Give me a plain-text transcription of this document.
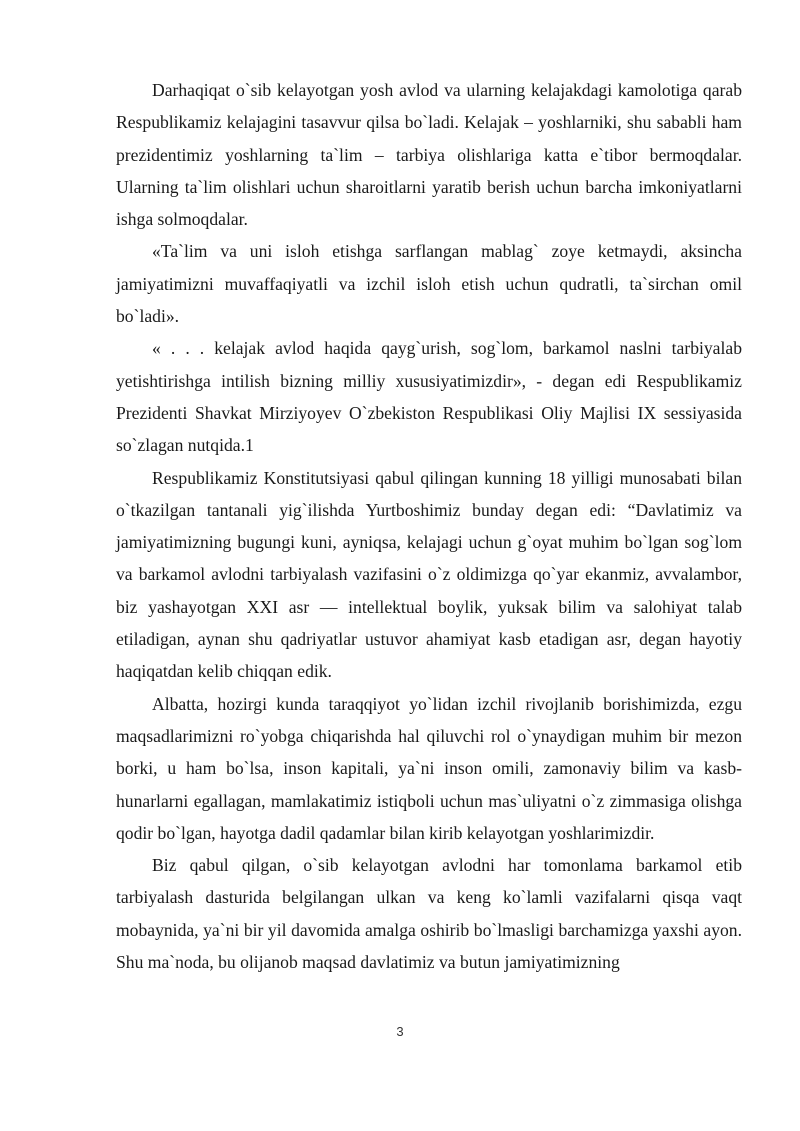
Darhaqiqat o`sib kelayotgan yosh avlod va ularning kelajakdagi kamolotiga qarab Respublikamiz kelajagini tasavvur qilsa bo`ladi. Kelajak – yoshlarniki, shu sababli ham prezidentimiz yoshlarning ta`lim – tarbiya olishlariga katta e`tibor bermoqdalar. Ularning ta`lim olishlari uchun sharoitlarni yaratib berish uchun barcha imkoniyatlarni ishga solmoqdalar.

«Ta`lim va uni isloh etishga sarflangan mablag` zoye ketmaydi, aksincha jamiyatimizni muvaffaqiyatli va izchil isloh etish uchun qudratli, ta`sirchan omil bo`ladi».

« . . . kelajak avlod haqida qayg`urish, sog`lom, barkamol naslni tarbiyalab yetishtirishga intilish bizning milliy xususiyatimizdir», - degan edi Respublikamiz Prezidenti Shavkat Mirziyoyev O`zbekiston Respublikasi Oliy Majlisi IX sessiyasida so`zlagan nutqida.1

Respublikamiz Konstitutsiyasi qabul qilingan kunning 18 yilligi munosabati bilan o`tkazilgan tantanali yig`ilishda Yurtboshimiz bunday degan edi: “Davlatimiz va jamiyatimizning bugungi kuni, ayniqsa, kelajagi uchun g`oyat muhim bo`lgan sog`lom va barkamol avlodni tarbiyalash vazifasini o`z oldimizga qo`yar ekanmiz, avvalambor, biz yashayotgan XXI asr — intellektual boylik, yuksak bilim va salohiyat talab etiladigan, aynan shu qadriyatlar ustuvor ahamiyat kasb etadigan asr, degan hayotiy haqiqatdan kelib chiqqan edik.

Albatta, hozirgi kunda taraqqiyot yo`lidan izchil rivojlanib borishimizda, ezgu maqsadlarimizni ro`yobga chiqarishda hal qiluvchi rol o`ynaydigan muhim bir mezon borki, u ham bo`lsa, inson kapitali, ya`ni inson omili, zamonaviy bilim va kasb-hunarlarni egallagan, mamlakatimiz istiqboli uchun mas`uliyatni o`z zimmasiga olishga qodir bo`lgan, hayotga dadil qadamlar bilan kirib kelayotgan yoshlarimizdir.

Biz qabul qilgan, o`sib kelayotgan avlodni har tomonlama barkamol etib tarbiyalash dasturida belgilangan ulkan va keng ko`lamli vazifalarni qisqa vaqt mobaynida, ya`ni bir yil davomida amalga oshirib bo`lmasligi barchamizga yaxshi ayon. Shu ma`noda, bu olijanob maqsad davlatimiz va butun jamiyatimizning

3
